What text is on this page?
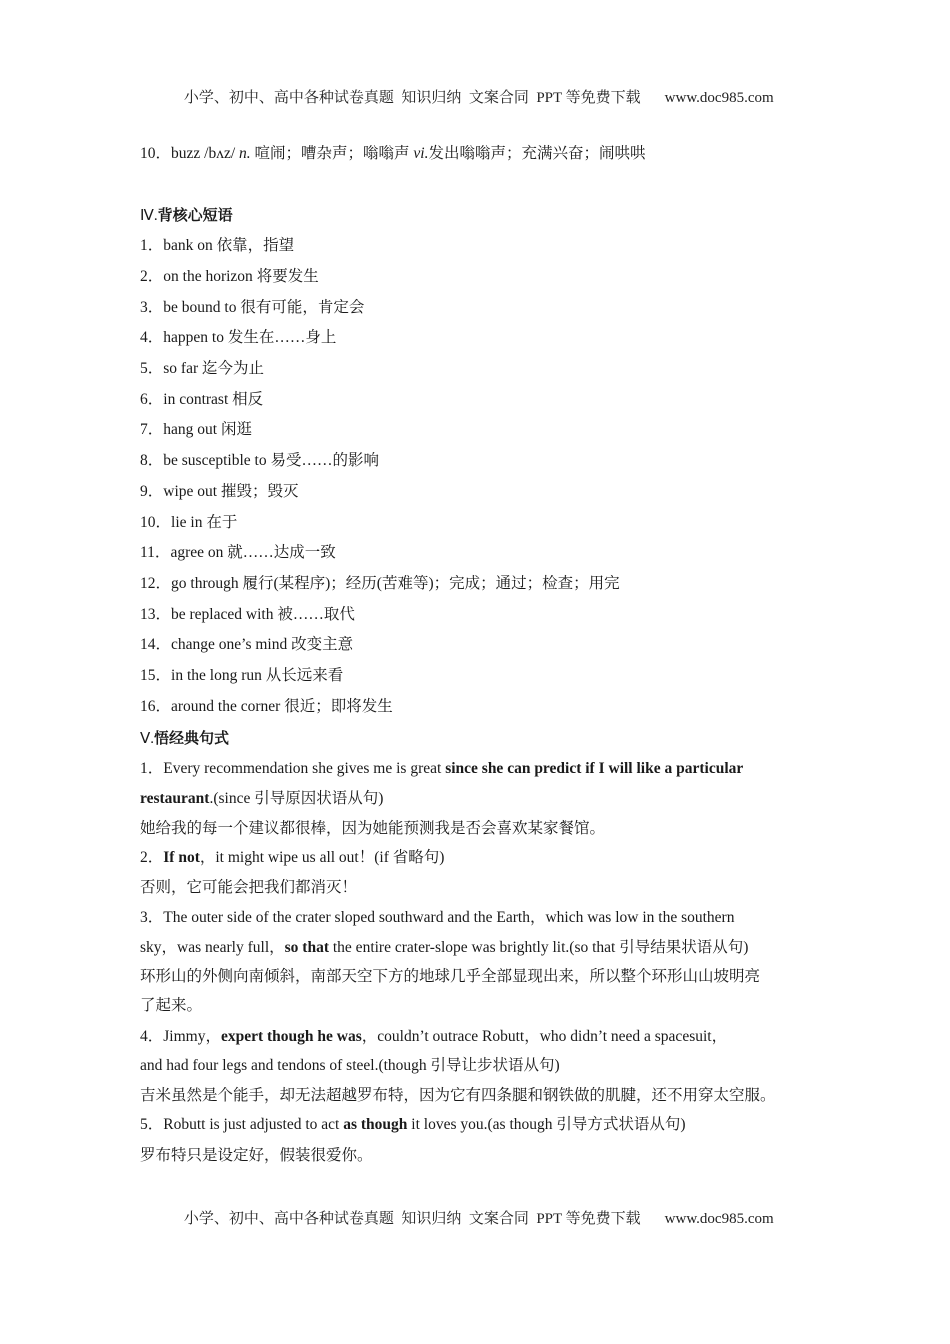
小学、初中、高中各种试卷真题  知识归纳  文案合同  PPT 等免费下载 www.doc985.com

10．buzz /bʌz/ n. 喧闹；嘈杂声；嗡嗡声 vi.发出嗡嗡声；充满兴奋；闹哄哄
Ⅳ.背核心短语
1．bank on 依靠，指望
2．on the horizon 将要发生
3．be bound to 很有可能，肯定会
4．happen to 发生在……身上
5．so far 迄今为止
6．in contrast 相反
7．hang out 闲逛
8．be susceptible to 易受……的影响
9．wipe out 摧毁；毁灭
10．lie in 在于
11．agree on 就……达成一致
12．go through 履行(某程序)；经历(苦难等)；完成；通过；检查；用完
13．be replaced with 被……取代
14．change one’s mind 改变主意
15．in the long run 从长远来看
16．around the corner 很近；即将发生
Ⅴ.悟经典句式
1．Every recommendation she gives me is great since she can predict if I will like a particular
restaurant.(since 引导原因状语从句)
她给我的每一个建议都很棒，因为她能预测我是否会喜欢某家餐馆。
2．If not，it might wipe us all out！(if 省略句)
否则，它可能会把我们都消灭！
3．The outer side of the crater sloped southward and the Earth，which was low in the southern
sky，was nearly full，so that the entire crater-slope was brightly lit.(so that 引导结果状语从句)
环形山的外侧向南倾斜，南部天空下方的地球几乎全部显现出来，所以整个环形山山坡明亮
了起来。
4．Jimmy，expert though he was，couldn’t outrace Robutt，who didn’t need a spacesuit，
and had four legs and tendons of steel.(though 引导让步状语从句)
吉米虽然是个能手，却无法超越罗布特，因为它有四条腿和钢铁做的肌腱，还不用穿太空服。
5．Robutt is just adjusted to act as though it loves you.(as though 引导方式状语从句)
罗布特只是设定好，假装很爱你。

小学、初中、高中各种试卷真题  知识归纳  文案合同  PPT 等免费下载 www.doc985.com
